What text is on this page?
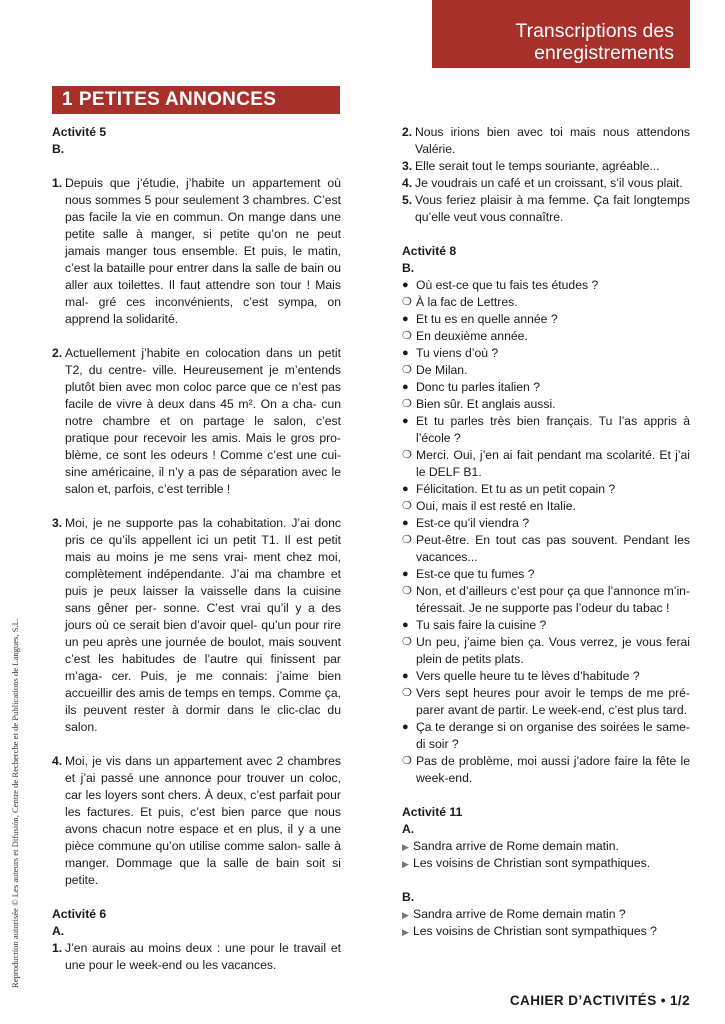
Transcriptions des
enregistrements
1 PETITES ANNONCES
Reproduction autorisée © Les auteurs et Difusión, Centre de Recherche et de Publications de Langues, S.L.

Activité 5

B.

1. Depuis que j’étudie, j’habite un appartement où nous sommes 5 pour seulement 3 chambres. C’est pas facile la vie en commun. On mange dans une petite salle à manger, si petite qu’on ne peut jamais manger tous ensemble. Et puis, le matin, c’est la bataille pour entrer dans la salle de bain ou aller aux toilettes. Il faut attendre son tour ! Mais mal- gré ces inconvénients, c’est sympa, on apprend la solidarité.

2. Actuellement j’habite en colocation dans un petit T2, du centre- ville. Heureusement je m’entends plutôt bien avec mon coloc parce que ce n’est pas facile de vivre à deux dans 45 m². On a cha- cun notre chambre et on partage le salon, c’est pratique pour recevoir les amis. Mais le gros pro- blème, ce sont les odeurs ! Comme c’est une cui- sine américaine, il n’y a pas de séparation avec le salon et, parfois, c’est terrible !

3. Moi, je ne supporte pas la cohabitation. J’ai donc pris ce qu’ils appellent ici un petit T1. Il est petit mais au moins je me sens vrai- ment chez moi, complètement indépendante. J’ai ma chambre et puis je peux laisser la vaisselle dans la cuisine sans gêner per- sonne. C’est vrai qu’il y a des jours où ce serait bien d’avoir quel- qu’un pour rire un peu après une journée de boulot, mais souvent c’est les habitudes de l’autre qui finissent par m’aga- cer. Puis, je me connais: j’aime bien accueillir des amis de temps en temps. Comme ça, ils peuvent rester à dormir dans le clic-clac du salon.

4. Moi, je vis dans un appartement avec 2 chambres et j’ai passé une annonce pour trouver un coloc, car les loyers sont chers. À deux, c’est parfait pour les factures. Et puis, c’est bien parce que nous avons chacun notre espace et en plus, il y a une pièce commune qu’on utilise comme salon- salle à manger. Dommage que la salle de bain soit si petite.

Activité 6

A.

1. J’en aurais au moins deux : une pour le travail et une pour le week-end ou les vacances.

2. Nous irions bien avec toi mais nous attendons Valérie.

3. Elle serait tout le temps souriante, agréable...

4. Je voudrais un café et un croissant, s’il vous plait.

5. Vous feriez plaisir à ma femme. Ça fait longtemps qu’elle veut vous connaître.

Activité 8

B.

● Où est-ce que tu fais tes études ?

❍ À la fac de Lettres.

● Et tu es en quelle année ?

❍ En deuxième année.

● Tu viens d’où ?

❍ De Milan.

● Donc tu parles italien ?

❍ Bien sûr. Et anglais aussi.

● Et tu parles très bien français. Tu l’as appris à l’école ?

❍ Merci. Oui, j’en ai fait pendant ma scolarité. Et j’ai le DELF B1.

● Félicitation. Et tu as un petit copain ?

❍ Oui, mais il est resté en Italie.

● Est-ce qu’il viendra ?

❍ Peut-être. En tout cas pas souvent. Pendant les vacances...

● Est-ce que tu fumes ?

❍ Non, et d’ailleurs c’est pour ça que l’annonce m’in- téressait. Je ne supporte pas l’odeur du tabac !

● Tu sais faire la cuisine ?

❍ Un peu, j’aime bien ça. Vous verrez, je vous ferai plein de petits plats.

● Vers quelle heure tu te lèves d’habitude ?

❍ Vers sept heures pour avoir le temps de me pré- parer avant de partir. Le week-end, c’est plus tard.

● Ça te derange si on organise des soirées le same- di soir ?

❍ Pas de problème, moi aussi j’adore faire la fête le week-end.

Activité 11

A.

▶ Sandra arrive de Rome demain matin.

▶ Les voisins de Christian sont sympathiques.

B.

▶ Sandra arrive de Rome demain matin ?

▶ Les voisins de Christian sont sympathiques ?

CAHIER D’ACTIVITÉS • 1/2
